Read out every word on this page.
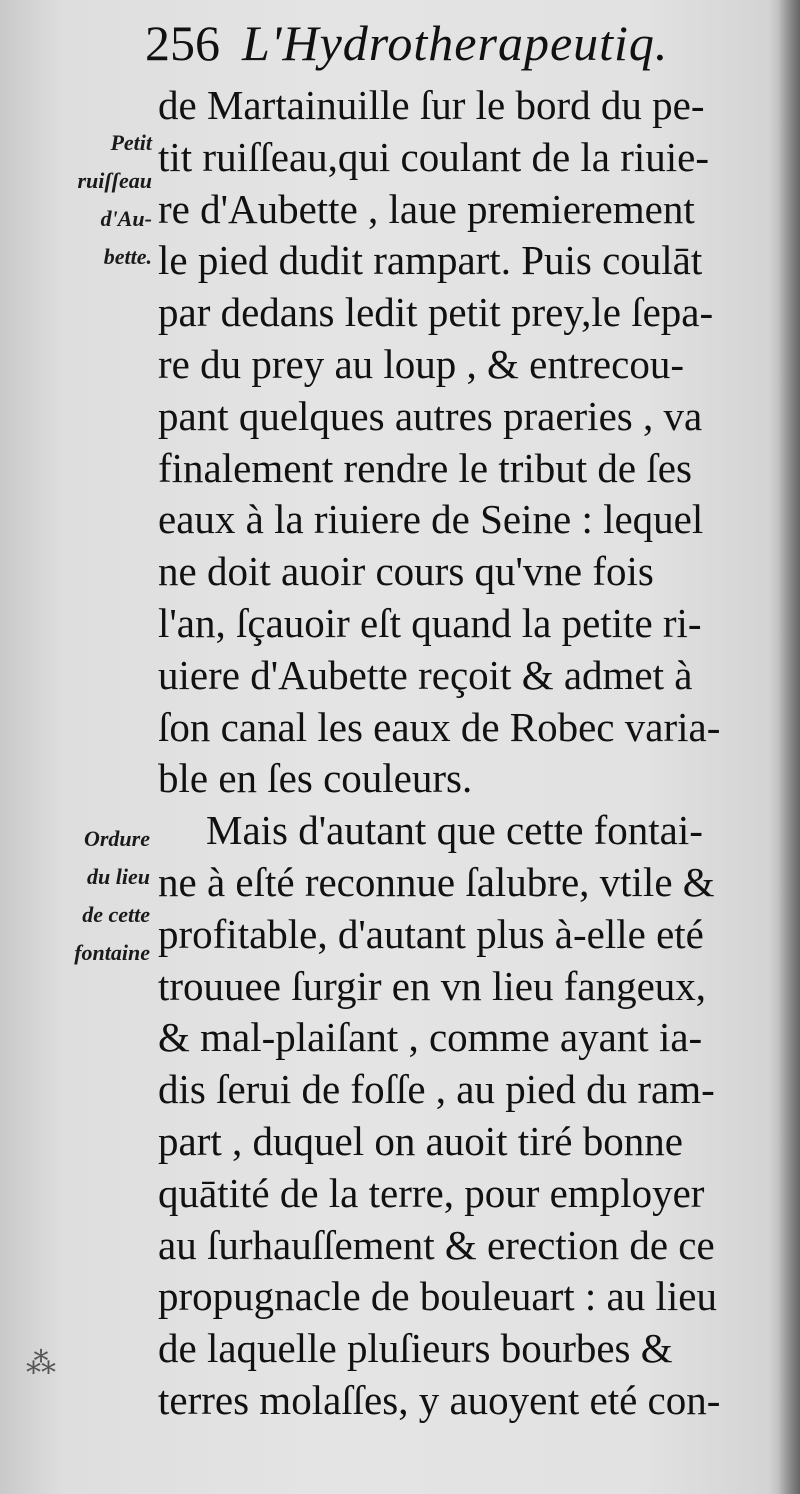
256 L'Hydrotherapeutiq.
Petit
ruiſſeau
d'Au-
bette.
Ordure
du lieu
de cette
fontaine
de Martainuille ſur le bord du pe-
tit ruiſſeau,qui coulant de la riuie-
re d'Aubette , laue premierement
le pied dudit rampart. Puis coulāt
par dedans ledit petit prey,le ſepa-
re du prey au loup , & entrecou-
pant quelques autres praeries , va
finalement rendre le tribut de ſes
eaux à la riuiere de Seine : lequel
ne doit auoir cours qu'vne fois
l'an, ſçauoir eſt quand la petite ri-
uiere d'Aubette reçoit & admet à
ſon canal les eaux de Robec varia-
ble en ſes couleurs.
Mais d'autant que cette fontai-
ne à eſté reconnue ſalubre, vtile &
profitable, d'autant plus à-elle eté
trouuee ſurgir en vn lieu fangeux,
& mal-plaiſant , comme ayant ia-
dis ſerui de foſſe , au pied du ram-
part , duquel on auoit tiré bonne
quātité de la terre, pour employer
au ſurhauſſement & erection de ce
propugnacle de bouleuart : au lieu
de laquelle pluſieurs bourbes &
terres molaſſes, y auoyent eté con-
⁂
